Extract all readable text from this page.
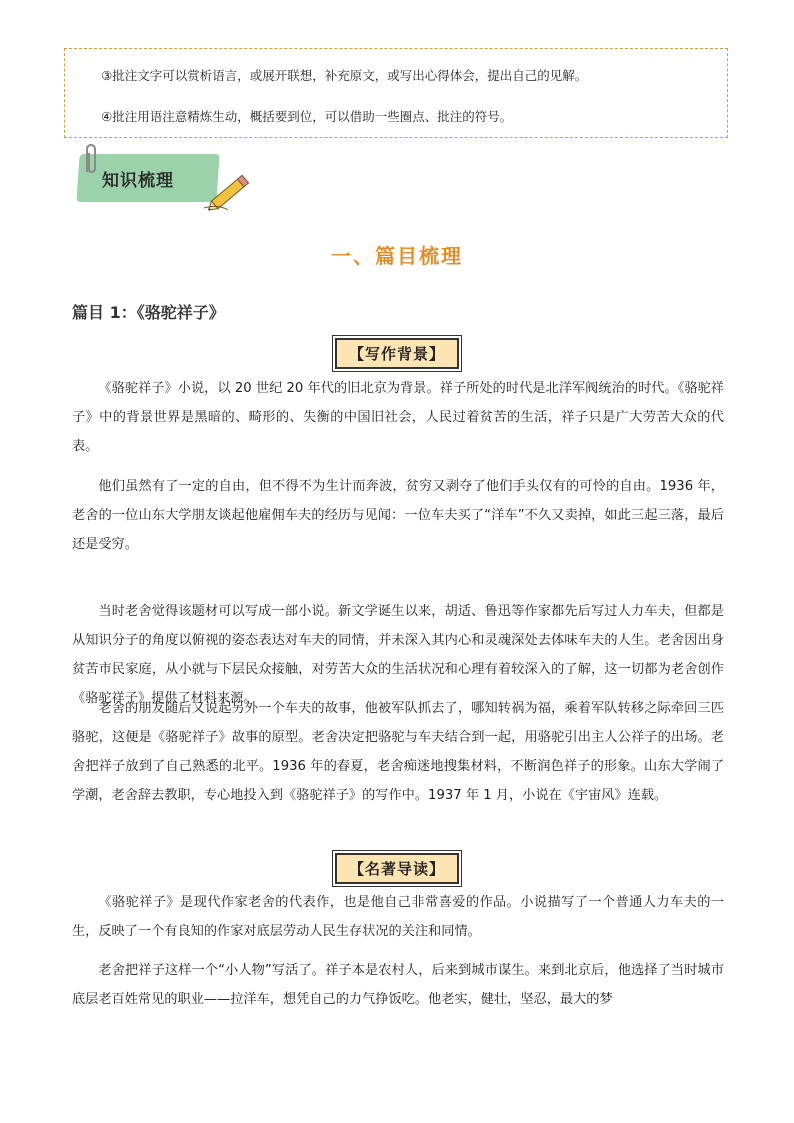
③批注文字可以赏析语言，或展开联想，补充原文，或写出心得体会，提出自己的见解。
④批注用语注意精炼生动，概括要到位，可以借助一些圈点、批注的符号。
知识梳理
一、篇目梳理
篇目 1：《骆驼祥子》
【写作背景】
《骆驼祥子》小说，以 20 世纪 20 年代的旧北京为背景。祥子所处的时代是北洋军阀统治的时代。《骆驼祥子》中的背景世界是黑暗的、畸形的、失衡的中国旧社会，人民过着贫苦的生活，祥子只是广大劳苦大众的代表。
他们虽然有了一定的自由，但不得不为生计而奔波，贫穷又剥夺了他们手头仅有的可怜的自由。1936 年，老舍的一位山东大学朋友谈起他雇佣车夫的经历与见闻：一位车夫买了“洋车”不久又卖掉，如此三起三落，最后还是受穷。
当时老舍觉得该题材可以写成一部小说。新文学诞生以来，胡适、鲁迅等作家都先后写过人力车夫，但都是从知识分子的角度以俯视的姿态表达对车夫的同情，并未深入其内心和灵魂深处去体味车夫的人生。老舍因出身贫苦市民家庭，从小就与下层民众接触，对劳苦大众的生活状况和心理有着较深入的了解，这一切都为老舍创作《骆驼祥子》提供了材料来源。
老舍的朋友随后又说起另外一个车夫的故事，他被军队抓去了，哪知转祸为福，乘着军队转移之际牵回三匹骆驼，这便是《骆驼祥子》故事的原型。老舍决定把骆驼与车夫结合到一起，用骆驼引出主人公祥子的出场。老舍把祥子放到了自己熟悉的北平。1936 年的春夏，老舍痴迷地搜集材料，不断润色祥子的形象。山东大学闹了学潮，老舍辞去教职，专心地投入到《骆驼祥子》的写作中。1937 年 1 月，小说在《宇宙风》连载。
【名著导读】
《骆驼祥子》是现代作家老舍的代表作，也是他自己非常喜爱的作品。小说描写了一个普通人力车夫的一生，反映了一个有良知的作家对底层劳动人民生存状况的关注和同情。
老舍把祥子这样一个“小人物”写活了。祥子本是农村人，后来到城市谋生。来到北京后，他选择了当时城市底层老百姓常见的职业——拉洋车，想凭自己的力气挣饭吃。他老实，健壮，坚忍，最大的梦
